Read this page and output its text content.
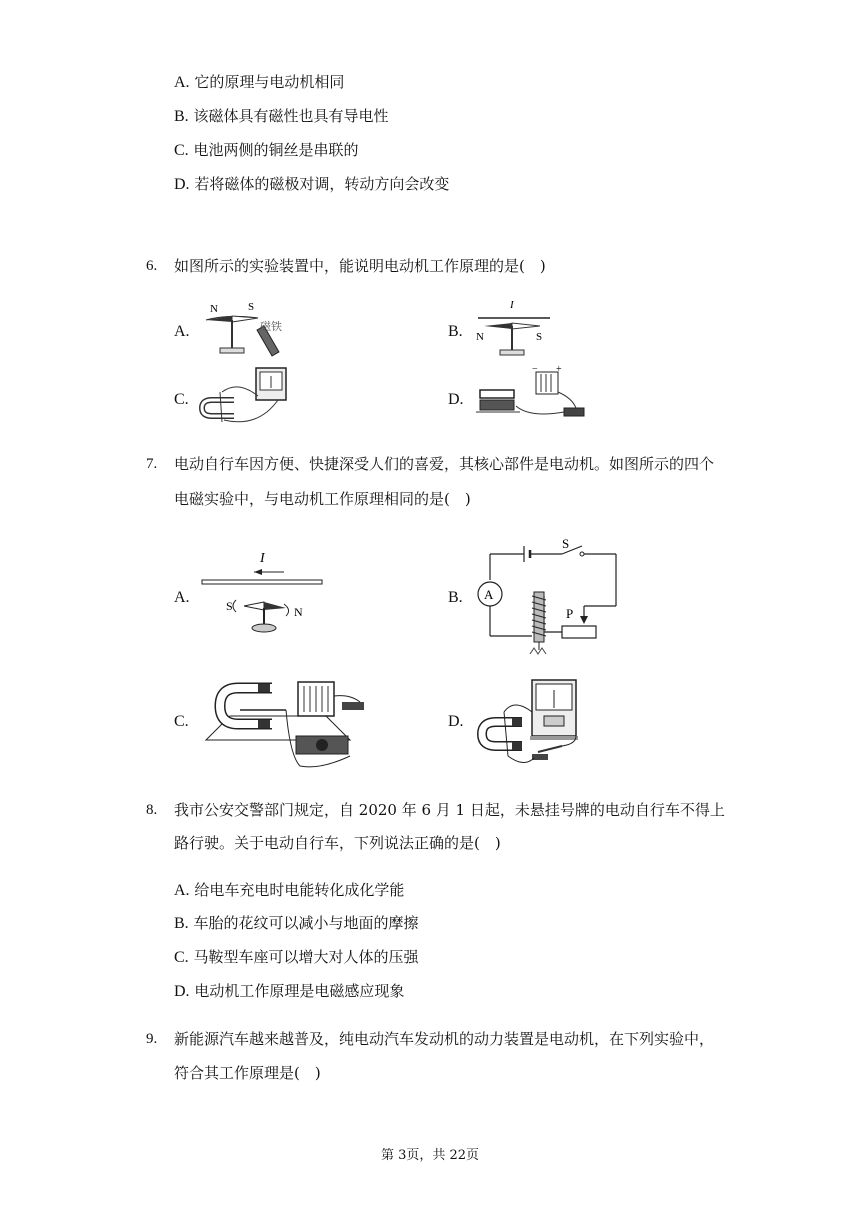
A. 它的原理与电动机相同
B. 该磁体具有磁性也具有导电性
C. 电池两侧的铜丝是串联的
D. 若将磁体的磁极对调，转动方向会改变
6. 如图所示的实验装置中，能说明电动机工作原理的是( )
A.	B.
C.	D.
N	S
磁铁
I
N	S
+
−
7. 电动自行车因方便、快捷深受人们的喜爱，其核心部件是电动机。如图所示的四个
电磁实验中，与电动机工作原理相同的是( )
A.	B.
C.	D.
I
S	N
S
P
A
8. 我市公安交警部门规定，自 2020 年 6 月 1 日起，未悬挂号牌的电动自行车不得上
路行驶。关于电动自行车，下列说法正确的是( )
A. 给电车充电时电能转化成化学能
B. 车胎的花纹可以减小与地面的摩擦
C. 马鞍型车座可以增大对人体的压强
D. 电动机工作原理是电磁感应现象
9. 新能源汽车越来越普及，纯电动汽车发动机的动力装置是电动机，在下列实验中，
符合其工作原理是( )
第 3页，共 22页
